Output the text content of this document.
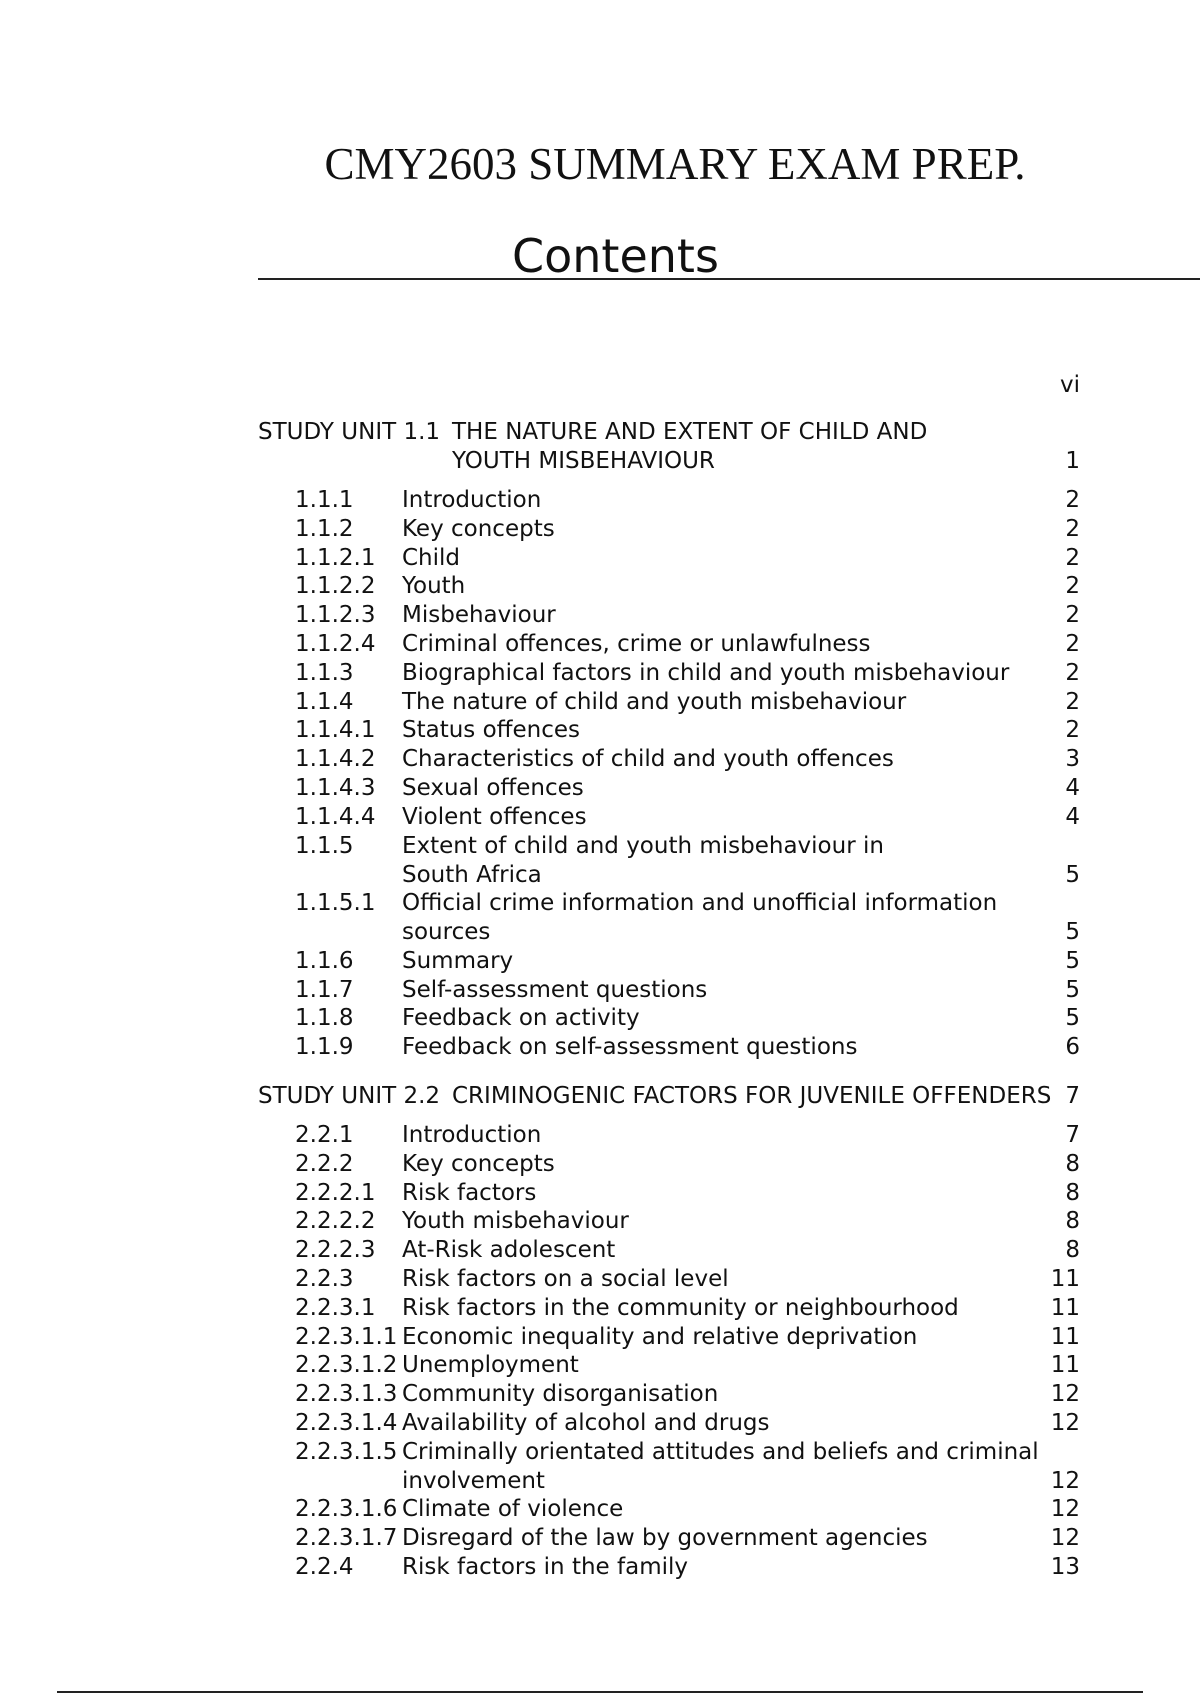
CMY2603 SUMMARY EXAM PREP.
Contents
vi
STUDY UNIT 1.1 THE NATURE AND EXTENT OF CHILD AND
YOUTH MISBEHAVIOUR	1
1.1.1 Introduction	2
1.1.2 Key concepts	2
1.1.2.1 Child	2
1.1.2.2 Youth	2
1.1.2.3 Misbehaviour	2
1.1.2.4 Criminal offences, crime or unlawfulness	2
1.1.3 Biographical factors in child and youth misbehaviour 2
1.1.4 The nature of child and youth misbehaviour	2
1.1.4.1 Status offences	2
1.1.4.2 Characteristics of child and youth offences	3
1.1.4.3 Sexual offences	4
1.1.4.4 Violent offences	4
1.1.5 Extent of child and youth misbehaviour in
South Africa	5
1.1.5.1 Official crime information and unofficial information
sources	5
1.1.6 Summary	5
1.1.7 Self-assessment questions	5
1.1.8 Feedback on activity	5
1.1.9 Feedback on self-assessment questions	6
STUDY UNIT 2.2 CRIMINOGENIC FACTORS FOR JUVENILE OFFENDERS 7
2.2.1 Introduction	7
2.2.2 Key concepts	8
2.2.2.1 Risk factors	8
2.2.2.2 Youth misbehaviour	8
2.2.2.3 At-Risk adolescent	8
2.2.3 Risk factors on a social level	11
2.2.3.1 Risk factors in the community or neighbourhood	11
2.2.3.1.1 Economic inequality and relative deprivation	11
2.2.3.1.2 Unemployment	11
2.2.3.1.3 Community disorganisation	12
2.2.3.1.4 Availability of alcohol and drugs	12
2.2.3.1.5 Criminally orientated attitudes and beliefs and criminal
involvement	12
2.2.3.1.6 Climate of violence	12
2.2.3.1.7 Disregard of the law by government agencies	12
2.2.4 Risk factors in the family	13
